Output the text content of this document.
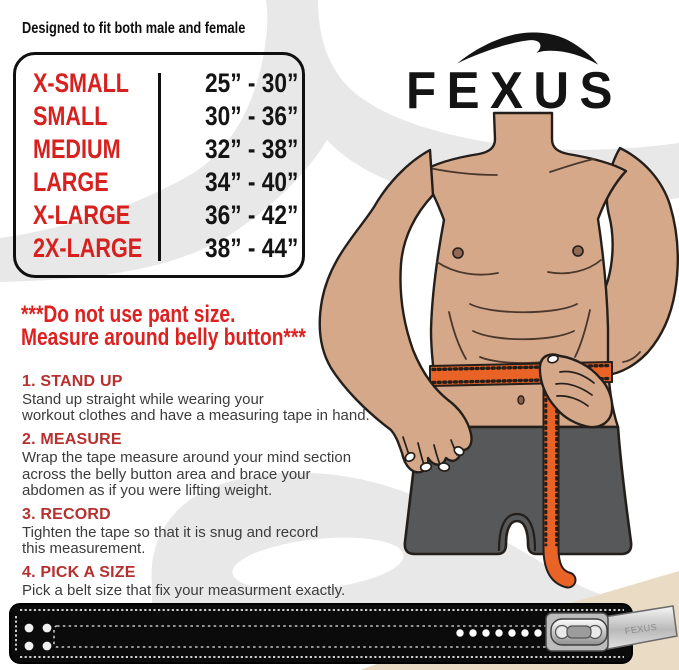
FEXUS
FEXUS
Designed to fit both male and female
X-SMALL	25” - 30”
SMALL	30” - 36”
MEDIUM	32” - 38”
LARGE	34” - 40”
X-LARGE	36” - 42”
2X-LARGE	38” - 44”
***Do not use pant size.
Measure around belly button***
1. STAND UP
Stand up straight while wearing your
workout clothes and have a measuring tape in hand.
2. MEASURE
Wrap the tape measure around your mind section
across the belly button area and brace your
abdomen as if you were lifting weight.
3. RECORD
Tighten the tape so that it is snug and record
this measurement.
4. PICK A SIZE
Pick a belt size that fix your measurment exactly.
